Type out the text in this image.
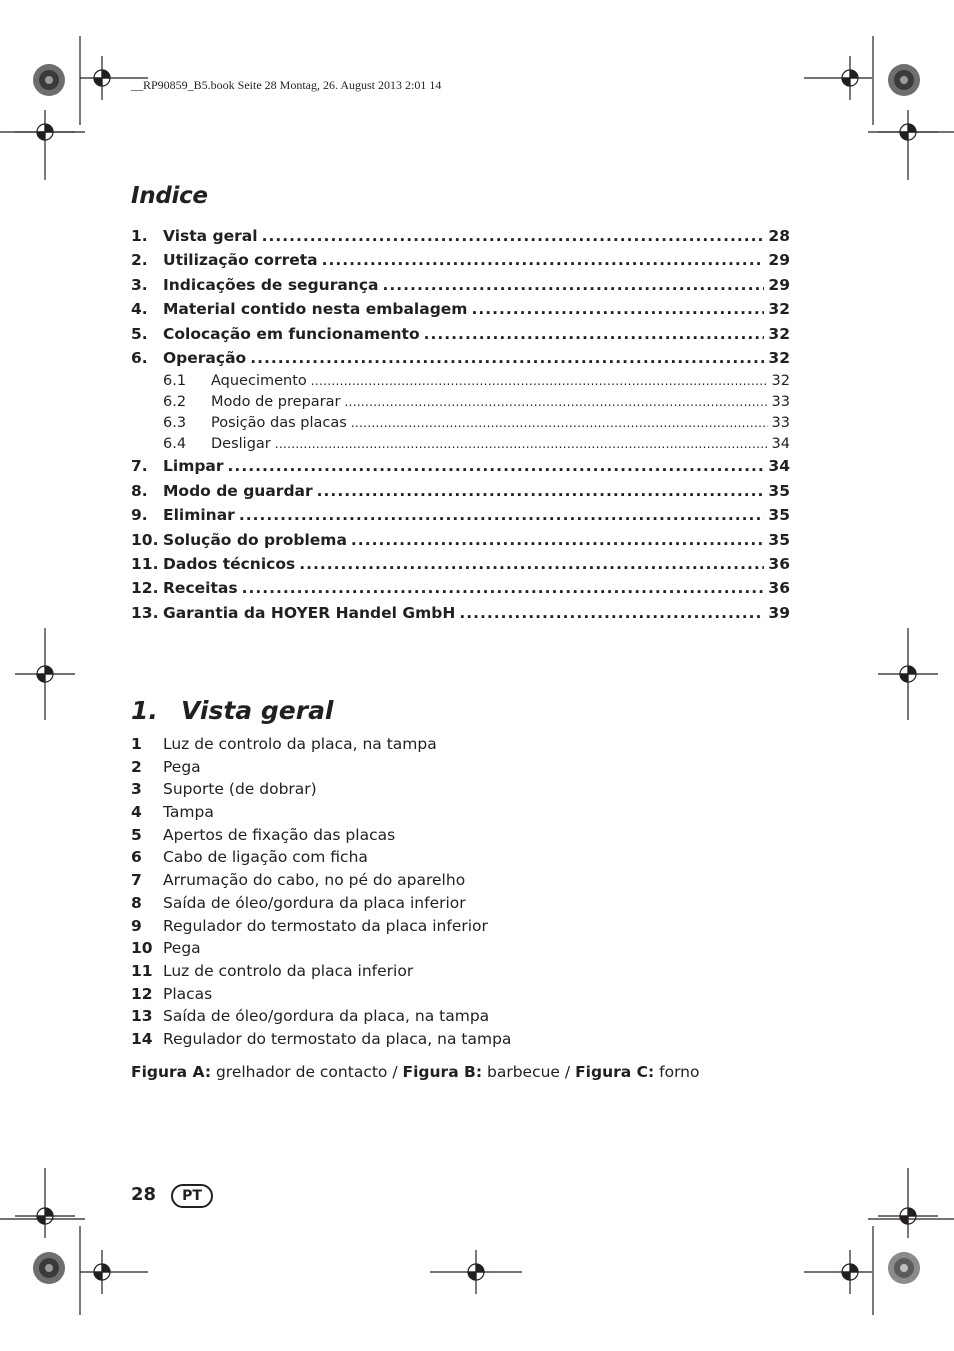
__RP90859_B5.book Seite 28 Montag, 26. August 2013 2:01 14
Indice
1. Vista geral .....	28
2. Utilização correta .....	29
3. Indicações de segurança .....	29
4. Material contido nesta embalagem .....	32
5. Colocação em funcionamento .....	32
6. Operação .....	32
6.1	Aquecimento .....	32
6.2	Modo de preparar .....	33
6.3	Posição das placas .....	33
6.4	Desligar .....	34
7. Limpar .....	34
8. Modo de guardar .....	35
9. Eliminar .....	35
10. Solução do problema .....	35
11. Dados técnicos .....	36
12. Receitas .....	36
13. Garantia da HOYER Handel GmbH .....	39
1. Vista geral
1	Luz de controlo da placa, na tampa
2	Pega
3	Suporte (de dobrar)
4	Tampa
5	Apertos de fixação das placas
6	Cabo de ligação com ficha
7	Arrumação do cabo, no pé do aparelho
8	Saída de óleo/gordura da placa inferior
9	Regulador do termostato da placa inferior
10 Pega
11 Luz de controlo da placa inferior
12 Placas
13 Saída de óleo/gordura da placa, na tampa
14 Regulador do termostato da placa, na tampa
Figura A: grelhador de contacto / Figura B: barbecue / Figura C: forno
28	PT
